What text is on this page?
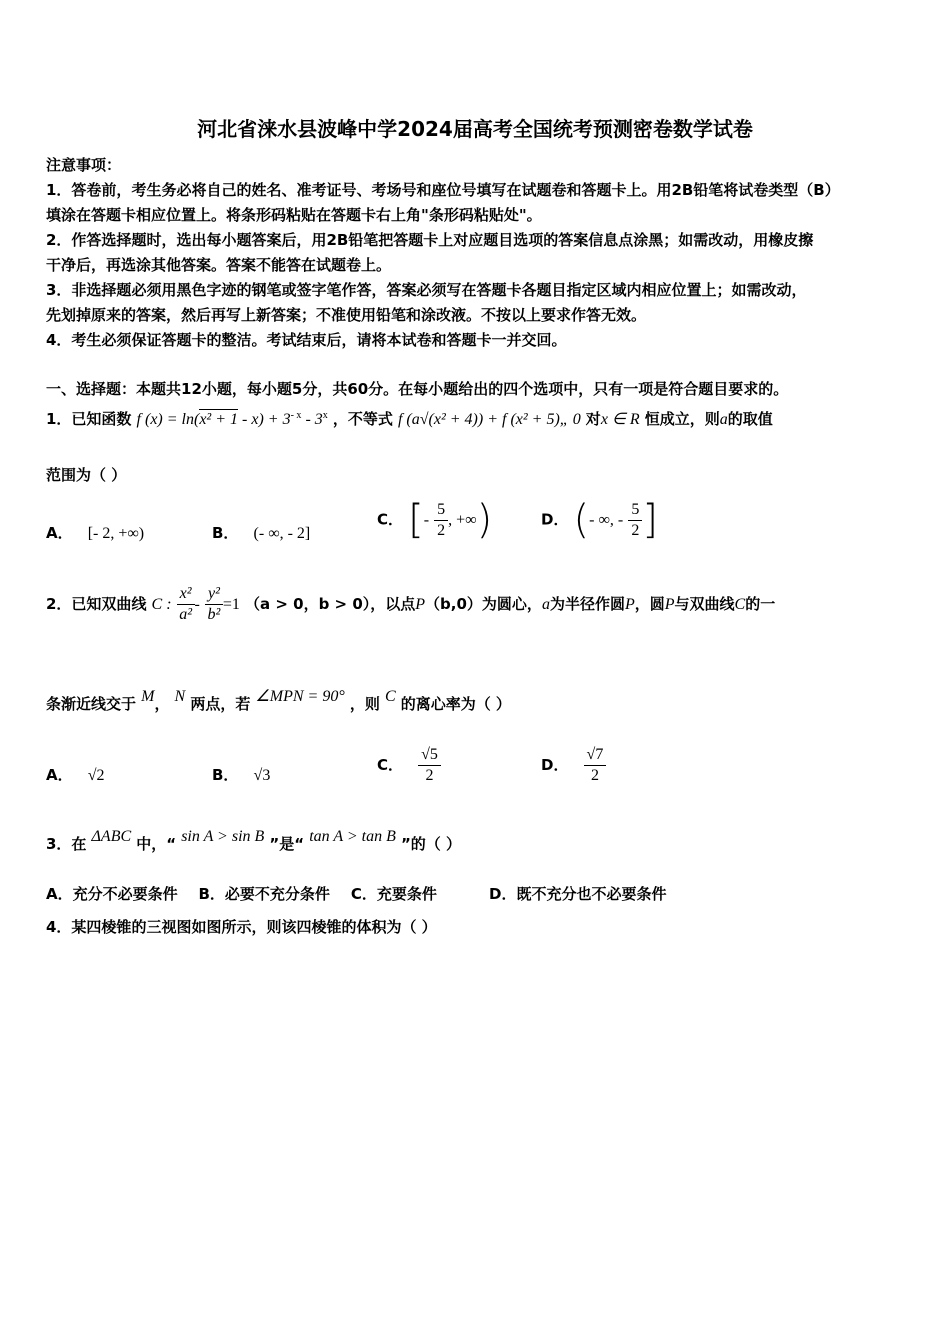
河北省涞水县波峰中学2024届高考全国统考预测密卷数学试卷
注意事项：
1．答卷前，考生务必将自己的姓名、准考证号、考场号和座位号填写在试题卷和答题卡上。用2B铅笔将试卷类型（B）
填涂在答题卡相应位置上。将条形码粘贴在答题卡右上角"条形码粘贴处"。
2．作答选择题时，选出每小题答案后，用2B铅笔把答题卡上对应题目选项的答案信息点涂黑；如需改动，用橡皮擦
干净后，再选涂其他答案。答案不能答在试题卷上。
3．非选择题必须用黑色字迹的钢笔或签字笔作答，答案必须写在答题卡各题目指定区域内相应位置上；如需改动，
先划掉原来的答案，然后再写上新答案；不准使用铅笔和涂改液。不按以上要求作答无效。
4．考生必须保证答题卡的整洁。考试结束后，请将本试卷和答题卡一并交回。
一、选择题：本题共12小题，每小题5分，共60分。在每小题给出的四个选项中，只有一项是符合题目要求的。
1．已知函数 f $(x) = \ln(x^2 + 1 - x) + 3^{- x} - 3^x$ ，不等式 f (a√(x² + 4)) + f (x² + 5)„ 0 对x ∈ R 恒成立，则a的取值
范围为（ ）
A． [- 2, +∞)	B． (- ∞, - 2]
C． [- $\frac{5}{2}$ , +∞)	D． (- ∞, - $\frac{5}{2}$ ]
2．已知双曲线 C : $\frac{\text{x²}}{\text{a²}} - \frac{\text{y²}}{\text{b²}} =1$ （a > 0，b > 0），以点P（b,0）为圆心，a为半径作圆P，圆P与双曲线C的一
条渐近线交于 M， N 两点，若 ∠MPN = 90° ，则 C 的离心率为（ ）
A． √2	B． √3
C． $\frac{√5}{2}$	D． $\frac{√7}{2}$
3．在 ΔABC 中，“ sin A > sin B ”是“ tan A > tan B ”的（ ）
A．充分不必要条件    B．必要不充分条件    C．充要条件          D．既不充分也不必要条件
4．某四棱锥的三视图如图所示，则该四棱锥的体积为（ ）
